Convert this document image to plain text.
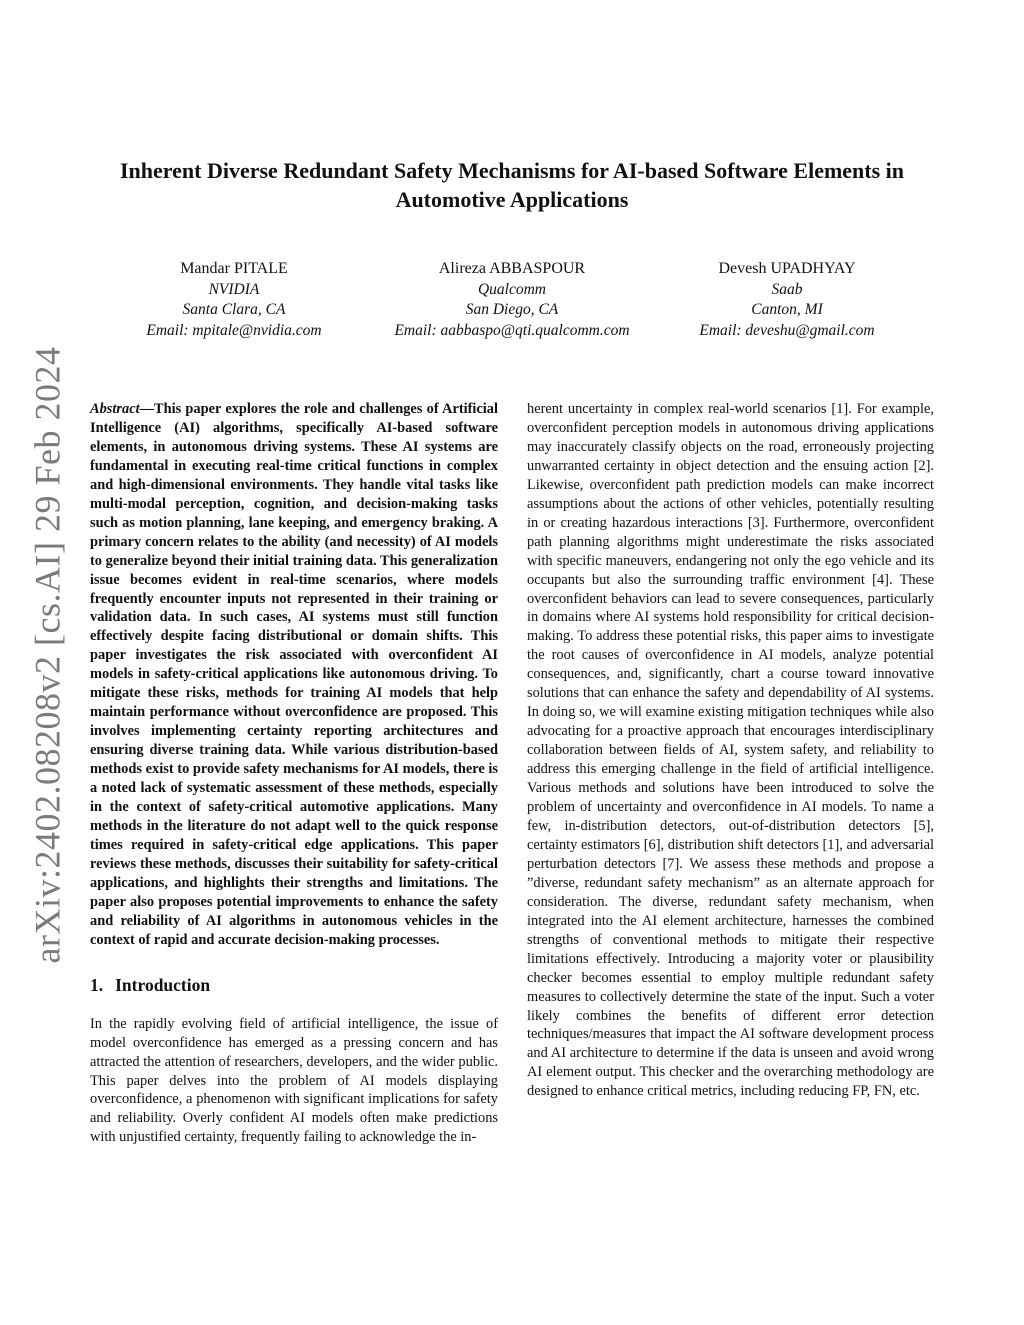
arXiv:2402.08208v2 [cs.AI] 29 Feb 2024
Inherent Diverse Redundant Safety Mechanisms for AI-based Software Elements in Automotive Applications
Mandar PITALE
NVIDIA
Santa Clara, CA
Email: mpitale@nvidia.com
Alireza ABBASPOUR
Qualcomm
San Diego, CA
Email: aabbaspo@qti.qualcomm.com
Devesh UPADHYAY
Saab
Canton, MI
Email: deveshu@gmail.com

Abstract—This paper explores the role and challenges of Artificial Intelligence (AI) algorithms, specifically AI-based software elements, in autonomous driving systems. These AI systems are fundamental in executing real-time critical functions in complex and high-dimensional environments. They handle vital tasks like multi-modal perception, cognition, and decision-making tasks such as motion planning, lane keeping, and emergency braking. A primary concern relates to the ability (and necessity) of AI models to generalize beyond their initial training data. This generalization issue becomes evident in real-time scenarios, where models frequently encounter inputs not represented in their training or validation data. In such cases, AI systems must still function effectively despite facing distributional or domain shifts. This paper investigates the risk associated with overconfident AI models in safety-critical applications like autonomous driving. To mitigate these risks, methods for training AI models that help maintain performance without overconfidence are proposed. This involves implementing certainty reporting architectures and ensuring diverse training data. While various distribution-based methods exist to provide safety mechanisms for AI models, there is a noted lack of systematic assessment of these methods, especially in the context of safety-critical automotive applications. Many methods in the literature do not adapt well to the quick response times required in safety-critical edge applications. This paper reviews these methods, discusses their suitability for safety-critical applications, and highlights their strengths and limitations. The paper also proposes potential improvements to enhance the safety and reliability of AI algorithms in autonomous vehicles in the context of rapid and accurate decision-making processes.

1. Introduction

In the rapidly evolving field of artificial intelligence, the issue of model overconfidence has emerged as a pressing concern and has attracted the attention of researchers, developers, and the wider public. This paper delves into the problem of AI models displaying overconfidence, a phenomenon with significant implications for safety and reliability. Overly confident AI models often make predictions with unjustified certainty, frequently failing to acknowledge the in-

herent uncertainty in complex real-world scenarios [1]. For example, overconfident perception models in autonomous driving applications may inaccurately classify objects on the road, erroneously projecting unwarranted certainty in object detection and the ensuing action [2]. Likewise, overconfident path prediction models can make incorrect assumptions about the actions of other vehicles, potentially resulting in or creating hazardous interactions [3]. Furthermore, overconfident path planning algorithms might underestimate the risks associated with specific maneuvers, endangering not only the ego vehicle and its occupants but also the surrounding traffic environment [4]. These overconfident behaviors can lead to severe consequences, particularly in domains where AI systems hold responsibility for critical decision-making. To address these potential risks, this paper aims to investigate the root causes of overconfidence in AI models, analyze potential consequences, and, significantly, chart a course toward innovative solutions that can enhance the safety and dependability of AI systems. In doing so, we will examine existing mitigation techniques while also advocating for a proactive approach that encourages interdisciplinary collaboration between fields of AI, system safety, and reliability to address this emerging challenge in the field of artificial intelligence. Various methods and solutions have been introduced to solve the problem of uncertainty and overconfidence in AI models. To name a few, in-distribution detectors, out-of-distribution detectors [5], certainty estimators [6], distribution shift detectors [1], and adversarial perturbation detectors [7]. We assess these methods and propose a ”diverse, redundant safety mechanism” as an alternate approach for consideration. The diverse, redundant safety mechanism, when integrated into the AI element architecture, harnesses the combined strengths of conventional methods to mitigate their respective limitations effectively. Introducing a majority voter or plausibility checker becomes essential to employ multiple redundant safety measures to collectively determine the state of the input. Such a voter likely combines the benefits of different error detection techniques/measures that impact the AI software development process and AI architecture to determine if the data is unseen and avoid wrong AI element output. This checker and the overarching methodology are designed to enhance critical metrics, including reducing FP, FN, etc.
